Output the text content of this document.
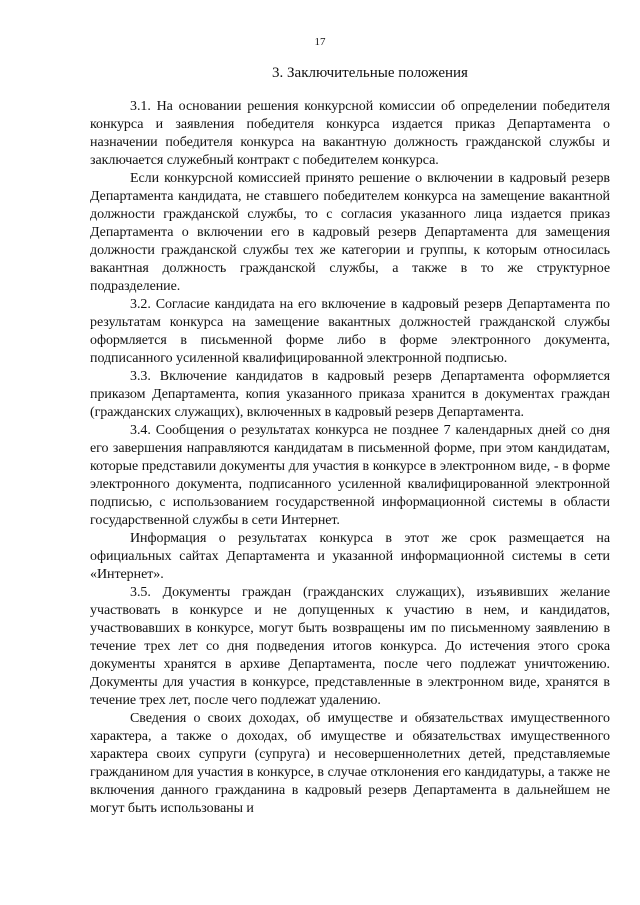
17
3. Заключительные положения

3.1. На основании решения конкурсной комиссии об определении победителя конкурса и заявления победителя конкурса издается приказ Департамента о назначении победителя конкурса на вакантную должность гражданской службы и заключается служебный контракт с победителем конкурса.

Если конкурсной комиссией принято решение о включении в кадровый резерв Департамента кандидата, не ставшего победителем конкурса на замещение вакантной должности гражданской службы, то с согласия указанного лица издается приказ Департамента о включении его в кадровый резерв Департамента для замещения должности гражданской службы тех же категории и группы, к которым относилась вакантная должность гражданской службы, а также в то же структурное подразделение.

3.2. Согласие кандидата на его включение в кадровый резерв Департамента по результатам конкурса на замещение вакантных должностей гражданской службы оформляется в письменной форме либо в форме электронного документа, подписанного усиленной квалифицированной электронной подписью.

3.3. Включение кандидатов в кадровый резерв Департамента оформляется приказом Департамента, копия указанного приказа хранится в документах граждан (гражданских служащих), включенных в кадровый резерв Департамента.

3.4. Сообщения о результатах конкурса не позднее 7 календарных дней со дня его завершения направляются кандидатам в письменной форме, при этом кандидатам, которые представили документы для участия в конкурсе в электронном виде, - в форме электронного документа, подписанного усиленной квалифицированной электронной подписью, с использованием государственной информационной системы в области государственной службы в сети Интернет.

Информация о результатах конкурса в этот же срок размещается на официальных сайтах Департамента и указанной информационной системы в сети «Интернет».

3.5. Документы граждан (гражданских служащих), изъявивших желание участвовать в конкурсе и не допущенных к участию в нем, и кандидатов, участвовавших в конкурсе, могут быть возвращены им по письменному заявлению в течение трех лет со дня подведения итогов конкурса. До истечения этого срока документы хранятся в архиве Департамента, после чего подлежат уничтожению. Документы для участия в конкурсе, представленные в электронном виде, хранятся в течение трех лет, после чего подлежат удалению.

Сведения о своих доходах, об имуществе и обязательствах имущественного характера, а также о доходах, об имуществе и обязательствах имущественного характера своих супруги (супруга) и несовершеннолетних детей, представляемые гражданином для участия в конкурсе, в случае отклонения его кандидатуры, а также не включения данного гражданина в кадровый резерв Департамента в дальнейшем не могут быть использованы и
